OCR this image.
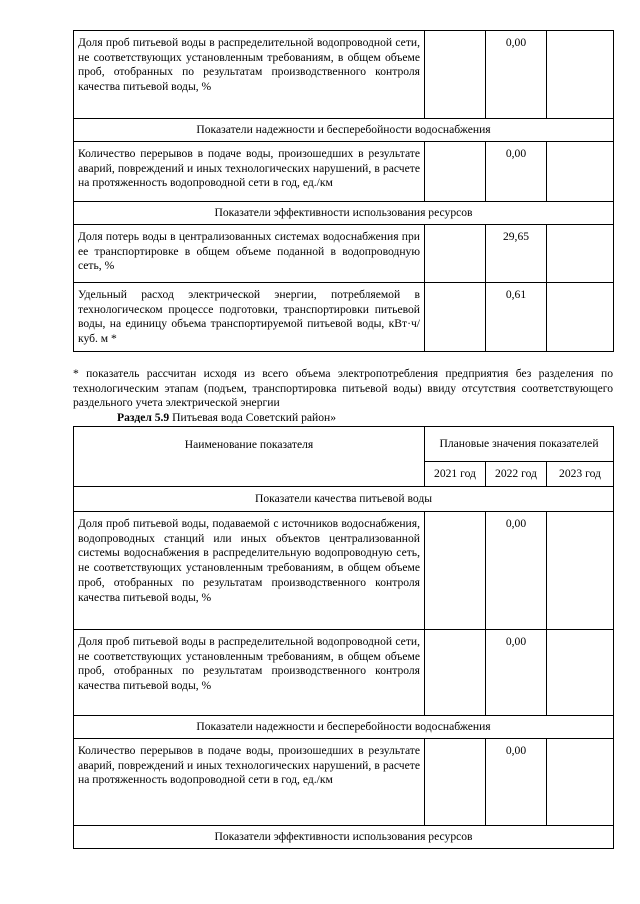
Доля проб питьевой воды в распределительной водопроводной сети, не соответствующих установленным требованиям, в общем объеме проб, отобранных по результатам производственного контроля качества питьевой воды, %		0,00	
Показатели надежности и бесперебойности водоснабжения			
Количество перерывов в подаче воды, произошедших в результате аварий, повреждений и иных технологических нарушений, в расчете на протяженность водопроводной сети в год, ед./км		0,00	
Показатели эффективности использования ресурсов			
Доля потерь воды в централизованных системах водоснабжения при ее транспортировке в общем объеме поданной в водопроводную сеть, %		29,65	
Удельный расход электрической энергии, потребляемой в технологическом процессе подготовки, транспортировки питьевой воды, на единицу объема транспортируемой питьевой воды, кВт·ч/куб. м *		0,61	
* показатель рассчитан исходя из всего объема электропотребления предприятия без разделения по технологическим этапам (подъем, транспортировка питьевой воды) ввиду отсутствия соответствующего раздельного учета электрической энергии
Раздел 5.9 Питьевая вода Советский район»
Наименование показателя	Плановые значения показателей		
	2021 год	2022 год	2023 год
Показатели качества питьевой воды			
Доля проб питьевой воды, подаваемой с источников водоснабжения, водопроводных станций или иных объектов централизованной системы водоснабжения в распределительную водопроводную сеть, не соответствующих установленным требованиям, в общем объеме проб, отобранных по результатам производственного контроля качества питьевой воды, %		0,00	
Доля проб питьевой воды в распределительной водопроводной сети, не соответствующих установленным требованиям, в общем объеме проб, отобранных по результатам производственного контроля качества питьевой воды, %		0,00	
Показатели надежности и бесперебойности водоснабжения			
Количество перерывов в подаче воды, произошедших в результате аварий, повреждений и иных технологических нарушений, в расчете на протяженность водопроводной сети в год, ед./км		0,00	
Показатели эффективности использования ресурсов			
